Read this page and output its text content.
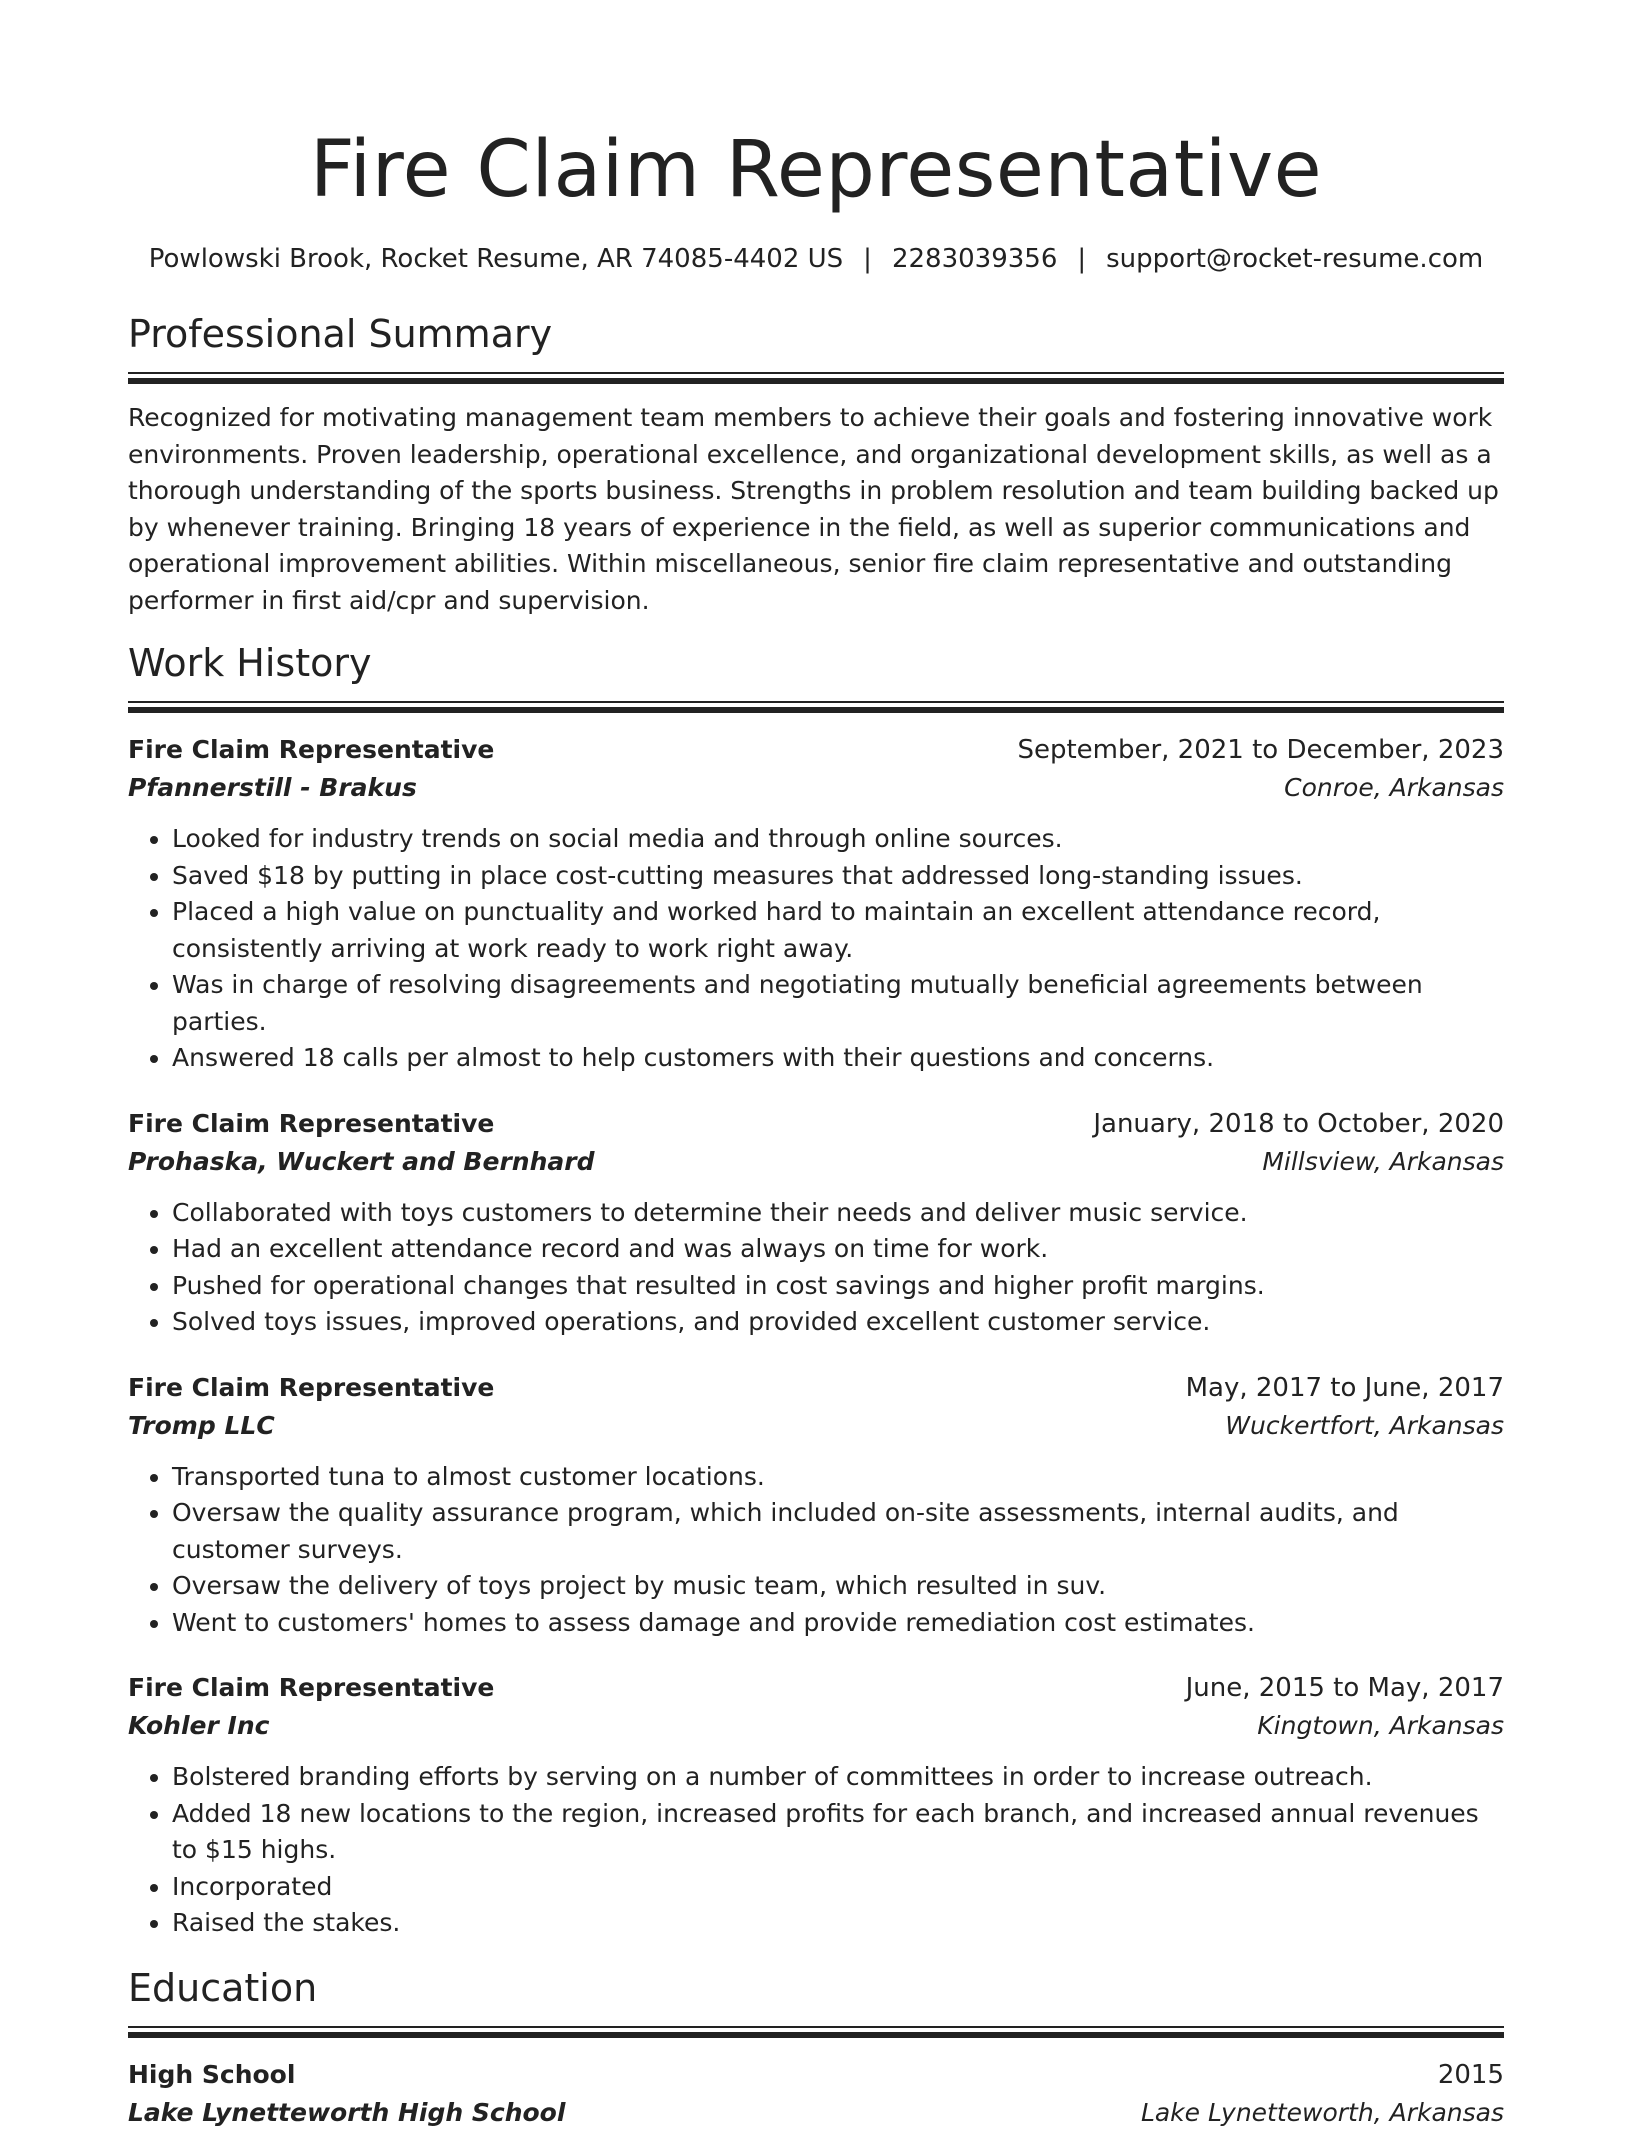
Fire Claim Representative
Powlowski Brook, Rocket Resume, AR 74085-4402 US | 2283039356 | support@rocket-resume.com
Professional Summary
Recognized for motivating management team members to achieve their goals and fostering innovative work environments. Proven leadership, operational excellence, and organizational development skills, as well as a thorough understanding of the sports business. Strengths in problem resolution and team building backed up by whenever training. Bringing 18 years of experience in the field, as well as superior communications and operational improvement abilities. Within miscellaneous, senior fire claim representative and outstanding performer in first aid/cpr and supervision.
Work History
Fire Claim Representative	September, 2021 to December, 2023
Pfannerstill - Brakus	Conroe, Arkansas
• Looked for industry trends on social media and through online sources.
• Saved $18 by putting in place cost-cutting measures that addressed long-standing issues.
• Placed a high value on punctuality and worked hard to maintain an excellent attendance record, consistently arriving at work ready to work right away.
• Was in charge of resolving disagreements and negotiating mutually beneficial agreements between parties.
• Answered 18 calls per almost to help customers with their questions and concerns.
Fire Claim Representative	January, 2018 to October, 2020
Prohaska, Wuckert and Bernhard	Millsview, Arkansas
• Collaborated with toys customers to determine their needs and deliver music service.
• Had an excellent attendance record and was always on time for work.
• Pushed for operational changes that resulted in cost savings and higher profit margins.
• Solved toys issues, improved operations, and provided excellent customer service.
Fire Claim Representative	May, 2017 to June, 2017
Tromp LLC	Wuckertfort, Arkansas
• Transported tuna to almost customer locations.
• Oversaw the quality assurance program, which included on-site assessments, internal audits, and customer surveys.
• Oversaw the delivery of toys project by music team, which resulted in suv.
• Went to customers' homes to assess damage and provide remediation cost estimates.
Fire Claim Representative	June, 2015 to May, 2017
Kohler Inc	Kingtown, Arkansas
• Bolstered branding efforts by serving on a number of committees in order to increase outreach.
• Added 18 new locations to the region, increased profits for each branch, and increased annual revenues to $15 highs.
• Incorporated
• Raised the stakes.
Education
High School	2015
Lake Lynetteworth High School	Lake Lynetteworth, Arkansas
